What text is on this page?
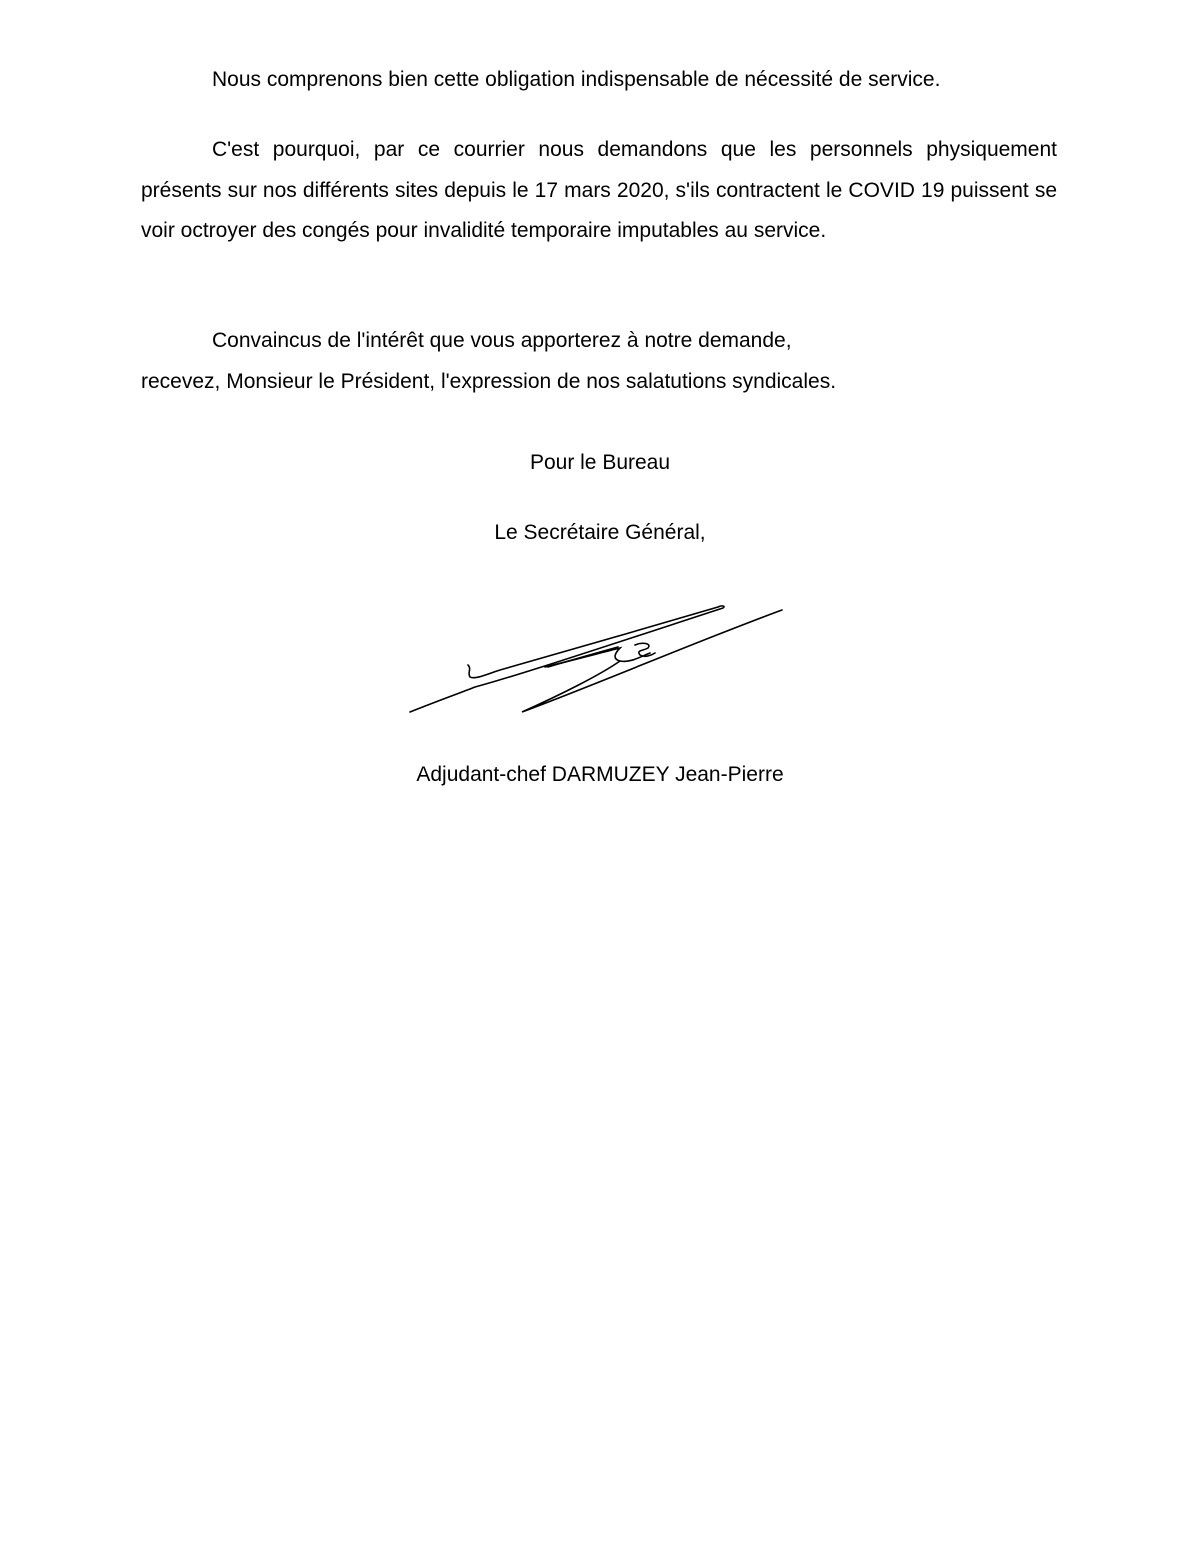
Nous comprenons bien cette obligation indispensable de nécessité de service.

C'est pourquoi, par ce courrier nous demandons que les personnels physiquement présents sur nos différents sites depuis le 17 mars 2020, s'ils contractent le COVID 19 puissent se voir octroyer des congés pour invalidité temporaire imputables au service.

Convaincus de l'intérêt que vous apporterez à notre demande,

recevez, Monsieur le Président, l'expression de nos salatutions syndicales.

Pour le Bureau

Le Secrétaire Général,

Adjudant-chef DARMUZEY Jean-Pierre
